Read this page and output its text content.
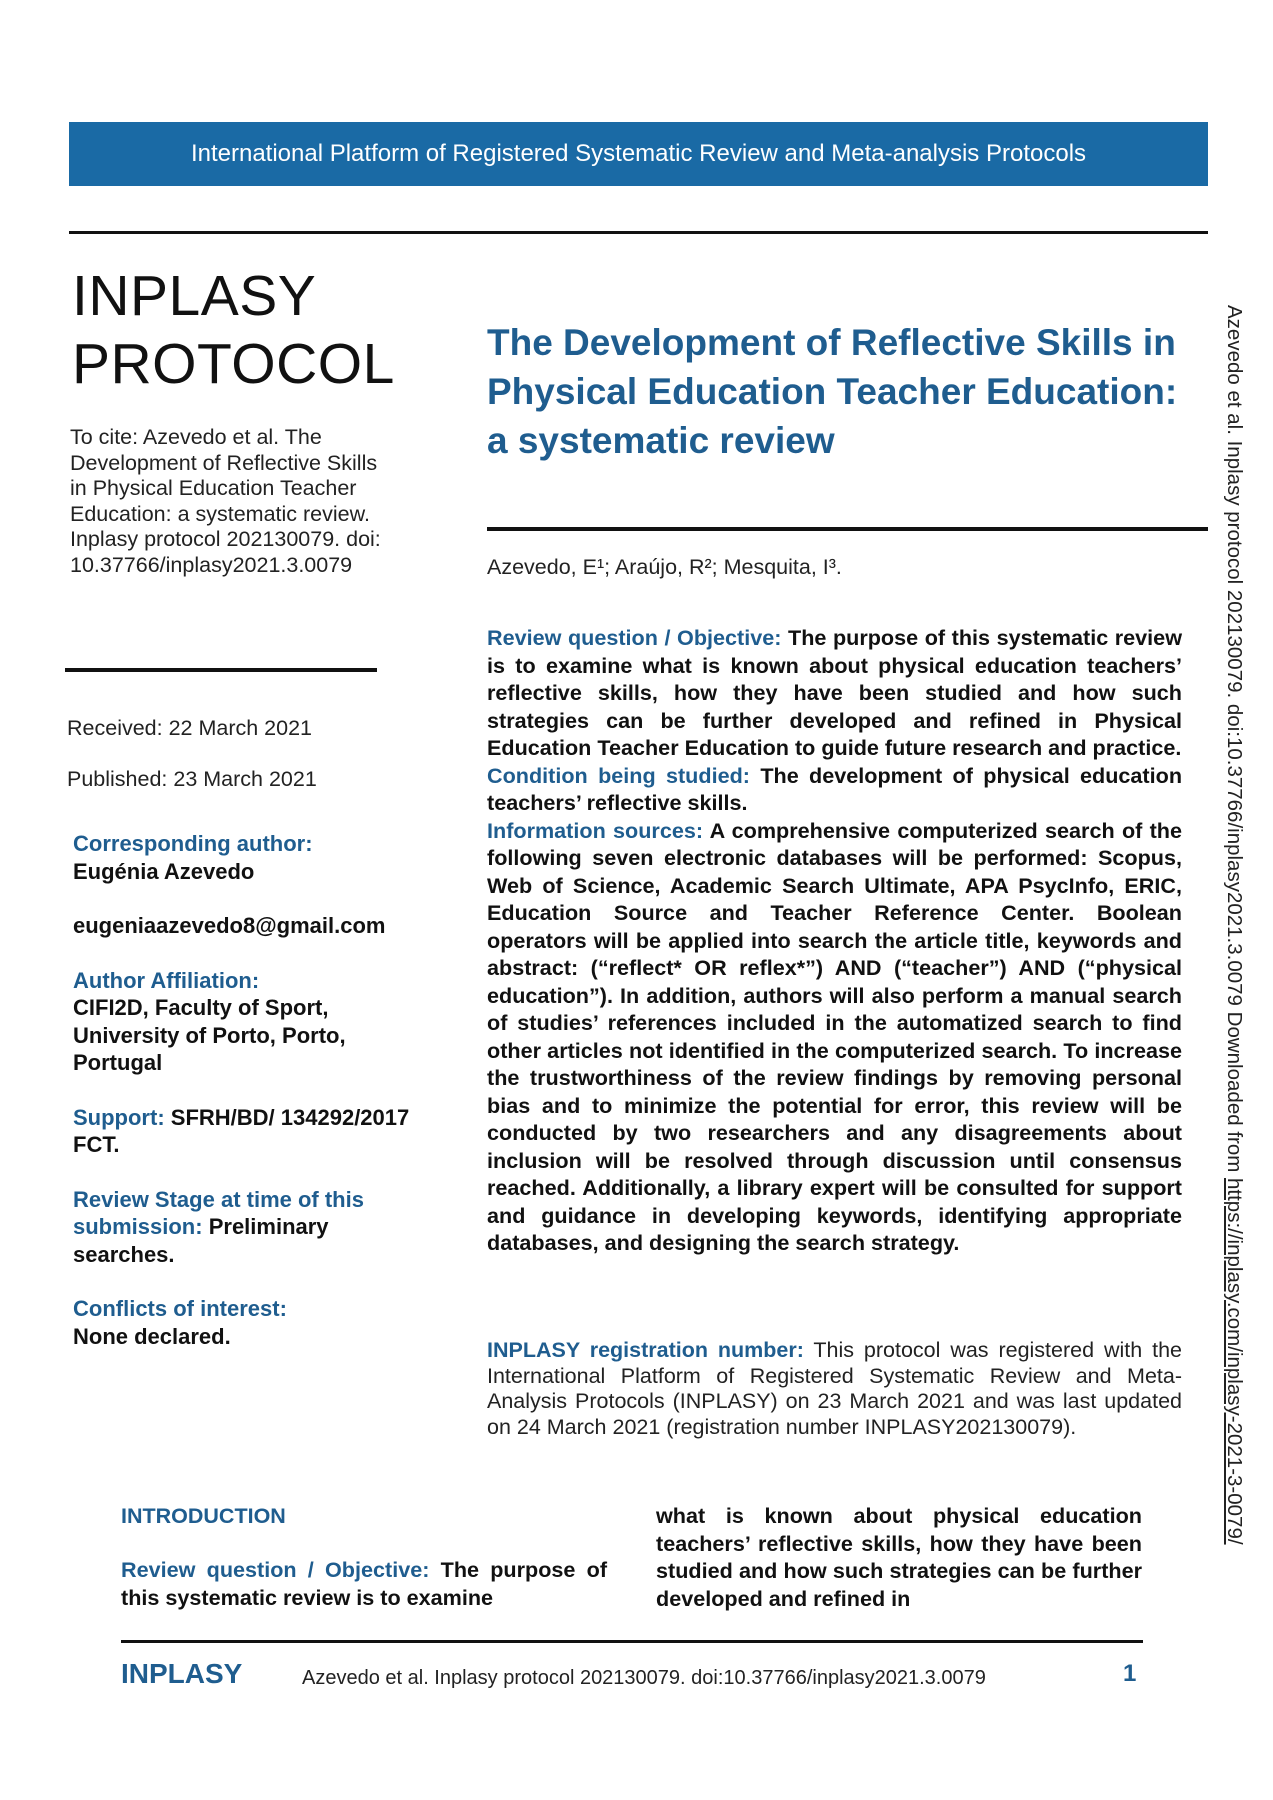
International Platform of Registered Systematic Review and Meta-analysis Protocols
INPLASY
PROTOCOL
To cite: Azevedo et al. The Development of Reflective Skills in Physical Education Teacher Education: a systematic review. Inplasy protocol 202130079. doi: 10.37766/inplasy2021.3.0079
Received: 22 March 2021
Published: 23 March 2021
Corresponding author:
Eugénia Azevedo
eugeniaazevedo8@gmail.com
Author Affiliation:
CIFI2D, Faculty of Sport, University of Porto, Porto, Portugal
Support: SFRH/BD/ 134292/2017 FCT.
Review Stage at time of this submission: Preliminary searches.
Conflicts of interest:
None declared.
The Development of Reflective Skills in Physical Education Teacher Education: a systematic review
Azevedo, E¹; Araújo, R²; Mesquita, I³.

Review question / Objective: The purpose of this systematic review is to examine what is known about physical education teachers’ reflective skills, how they have been studied and how such strategies can be further developed and refined in Physical Education Teacher Education to guide future research and practice.

Condition being studied: The development of physical education teachers’ reflective skills.

Information sources: A comprehensive computerized search of the following seven electronic databases will be performed: Scopus, Web of Science, Academic Search Ultimate, APA PsycInfo, ERIC, Education Source and Teacher Reference Center. Boolean operators will be applied into search the article title, keywords and abstract: (“reflect* OR reflex*”) AND (“teacher”) AND (“physical education”). In addition, authors will also perform a manual search of studies’ references included in the automatized search to find other articles not identified in the computerized search. To increase the trustworthiness of the review findings by removing personal bias and to minimize the potential for error, this review will be conducted by two researchers and any disagreements about inclusion will be resolved through discussion until consensus reached. Additionally, a library expert will be consulted for support and guidance in developing keywords, identifying appropriate databases, and designing the search strategy.

INPLASY registration number: This protocol was registered with the International Platform of Registered Systematic Review and Meta-Analysis Protocols (INPLASY) on 23 March 2021 and was last updated on 24 March 2021 (registration number INPLASY202130079).
INTRODUCTION
Review question / Objective: The purpose of this systematic review is to examine
what is known about physical education teachers’ reflective skills, how they have been studied and how such strategies can be further developed and refined in
INPLASY	Azevedo et al. Inplasy protocol 202130079. doi:10.37766/inplasy2021.3.0079	1
Azevedo et al. Inplasy protocol 202130079. doi:10.37766/inplasy2021.3.0079 Downloaded from https://inplasy.com/inplasy-2021-3-0079/
